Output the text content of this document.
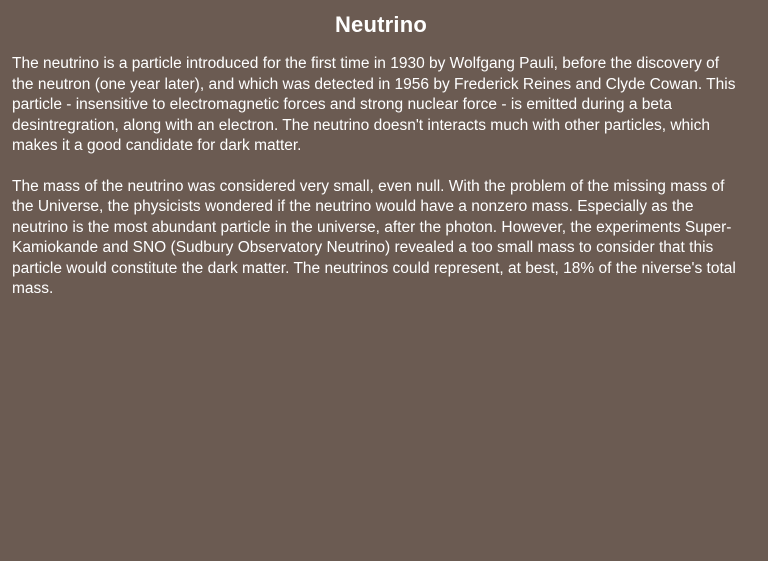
Neutrino

The neutrino is a particle introduced for the first time in 1930 by Wolfgang Pauli, before the discovery of the neutron (one year later), and which was detected in 1956 by Frederick Reines and Clyde Cowan. This particle - insensitive to electromagnetic forces and strong nuclear force - is emitted during a beta desintregration, along with an electron. The neutrino doesn't interacts much with other particles, which makes it a good candidate for dark matter.

The mass of the neutrino was considered very small, even null. With the problem of the missing mass of the Universe, the physicists wondered if the neutrino would have a nonzero mass. Especially as the neutrino is the most abundant particle in the universe, after the photon. However, the experiments Super-Kamiokande and SNO (Sudbury Observatory Neutrino) revealed a too small mass to consider that this particle would constitute the dark matter. The neutrinos could represent, at best, 18% of the niverse's total mass.
